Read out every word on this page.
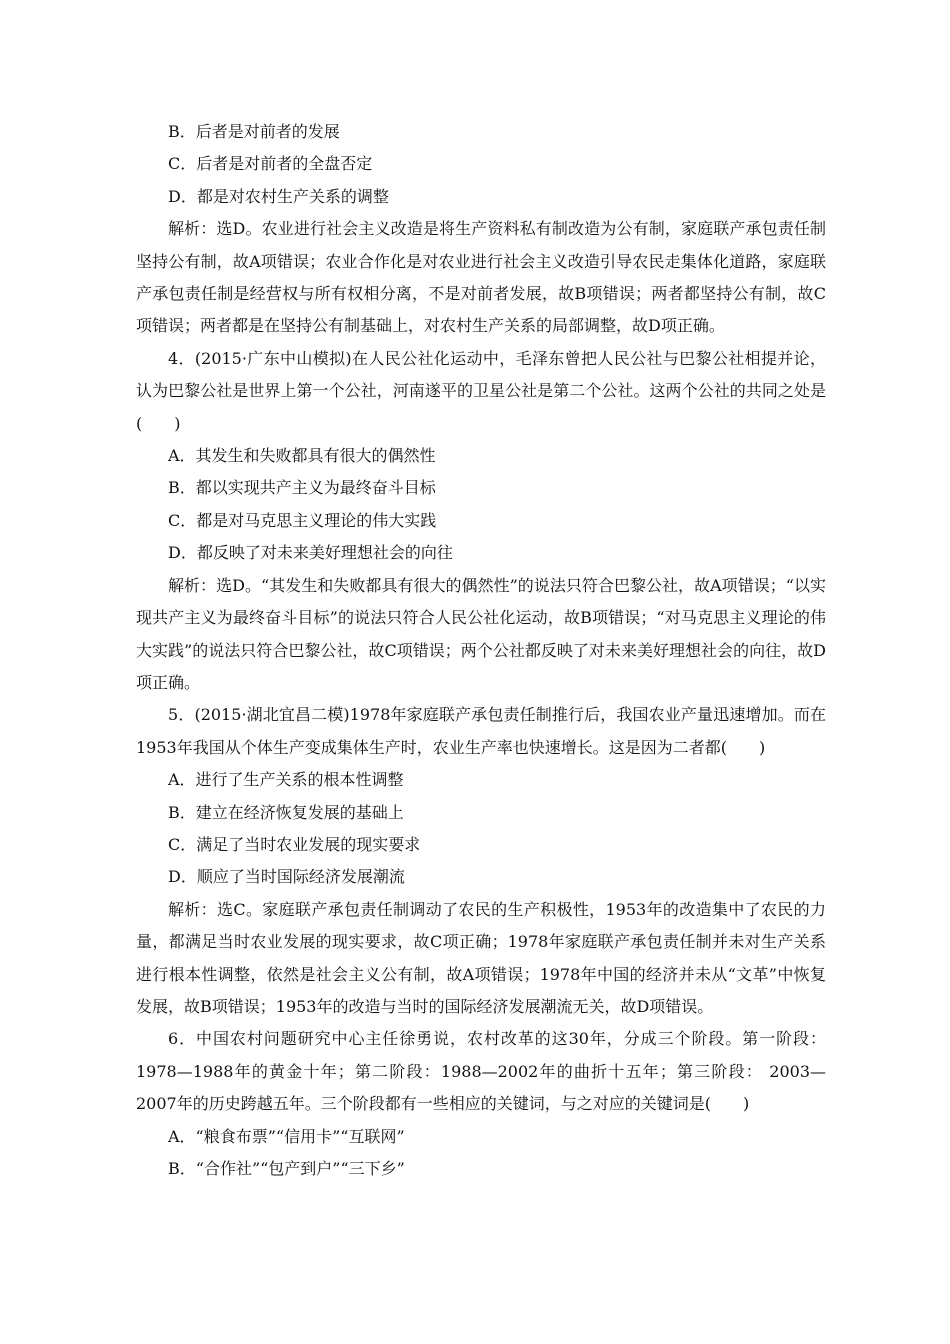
B．后者是对前者的发展

C．后者是对前者的全盘否定

D．都是对农村生产关系的调整

解析：选D。农业进行社会主义改造是将生产资料私有制改造为公有制，家庭联产承包责任制坚持公有制，故A项错误；农业合作化是对农业进行社会主义改造引导农民走集体化道路，家庭联产承包责任制是经营权与所有权相分离，不是对前者发展，故B项错误；两者都坚持公有制，故C项错误；两者都是在坚持公有制基础上，对农村生产关系的局部调整，故D项正确。

4．(2015·广东中山模拟)在人民公社化运动中，毛泽东曾把人民公社与巴黎公社相提并论，认为巴黎公社是世界上第一个公社，河南遂平的卫星公社是第二个公社。这两个公社的共同之处是(　　)

A．其发生和失败都具有很大的偶然性

B．都以实现共产主义为最终奋斗目标

C．都是对马克思主义理论的伟大实践

D．都反映了对未来美好理想社会的向往

解析：选D。“其发生和失败都具有很大的偶然性”的说法只符合巴黎公社，故A项错误；“以实现共产主义为最终奋斗目标”的说法只符合人民公社化运动，故B项错误；“对马克思主义理论的伟大实践”的说法只符合巴黎公社，故C项错误；两个公社都反映了对未来美好理想社会的向往，故D项正确。

5．(2015·湖北宜昌二模)1978年家庭联产承包责任制推行后，我国农业产量迅速增加。而在1953年我国从个体生产变成集体生产时，农业生产率也快速增长。这是因为二者都(　　)

A．进行了生产关系的根本性调整

B．建立在经济恢复发展的基础上

C．满足了当时农业发展的现实要求

D．顺应了当时国际经济发展潮流

解析：选C。家庭联产承包责任制调动了农民的生产积极性，1953年的改造集中了农民的力量，都满足当时农业发展的现实要求，故C项正确；1978年家庭联产承包责任制并未对生产关系进行根本性调整，依然是社会主义公有制，故A项错误；1978年中国的经济并未从“文革”中恢复发展，故B项错误；1953年的改造与当时的国际经济发展潮流无关，故D项错误。

6．中国农村问题研究中心主任徐勇说，农村改革的这30年，分成三个阶段。第一阶段：1978—1988年的黄金十年；第二阶段：1988—2002年的曲折十五年；第三阶段： 2003—2007年的历史跨越五年。三个阶段都有一些相应的关键词，与之对应的关键词是(　　)

A．“粮食布票”“信用卡”“互联网”

B．“合作社”“包产到户”“三下乡”
